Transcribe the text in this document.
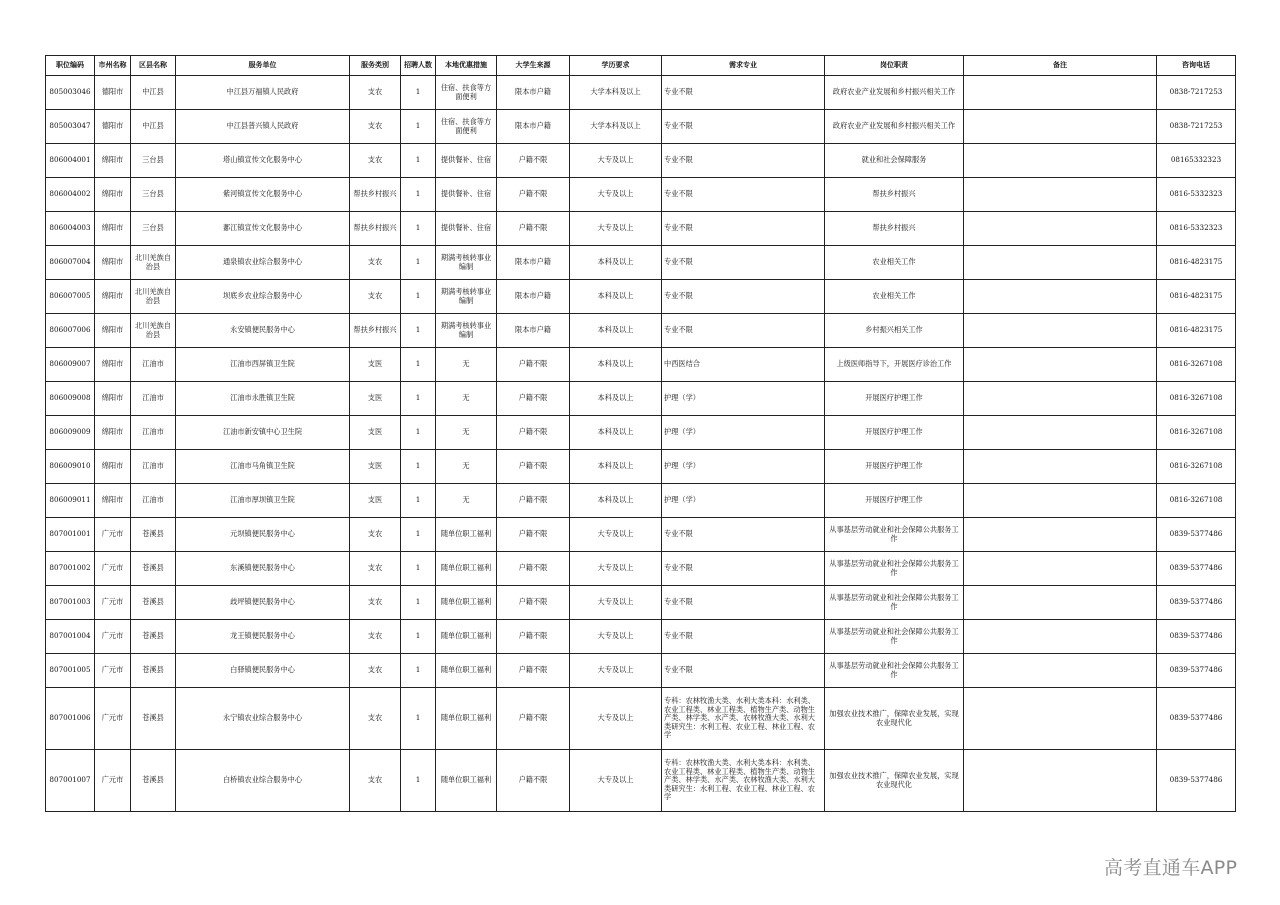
职位编码	市州名称	区县名称	服务单位	服务类别	招聘人数	本地优惠措施	大学生来源	学历要求	需求专业	岗位职责	备注	咨询电话
805003046	德阳市	中江县	中江县万福镇人民政府	支农	1	住宿、扶食等方面便利	限本市户籍	大学本科及以上	专业不限	政府农业产业发展和乡村振兴相关工作		0838-7217253
805003047	德阳市	中江县	中江县普兴镇人民政府	支农	1	住宿、扶食等方面便利	限本市户籍	大学本科及以上	专业不限	政府农业产业发展和乡村振兴相关工作		0838-7217253
806004001	绵阳市	三台县	塔山镇宣传文化服务中心	支农	1	提供餐补、住宿	户籍不限	大专及以上	专业不限	就业和社会保障服务		08165332323
806004002	绵阳市	三台县	紫河镇宣传文化服务中心	帮扶乡村振兴	1	提供餐补、住宿	户籍不限	大专及以上	专业不限	帮扶乡村振兴		0816-5332323
806004003	绵阳市	三台县	郪江镇宣传文化服务中心	帮扶乡村振兴	1	提供餐补、住宿	户籍不限	大专及以上	专业不限	帮扶乡村振兴		0816-5332323
806007004	绵阳市	北川羌族自治县	通泉镇农业综合服务中心	支农	1	期满考核转事业编制	限本市户籍	本科及以上	专业不限	农业相关工作		0816-4823175
806007005	绵阳市	北川羌族自治县	坝底乡农业综合服务中心	支农	1	期满考核转事业编制	限本市户籍	本科及以上	专业不限	农业相关工作		0816-4823175
806007006	绵阳市	北川羌族自治县	永安镇便民服务中心	帮扶乡村振兴	1	期满考核转事业编制	限本市户籍	本科及以上	专业不限	乡村振兴相关工作		0816-4823175
806009007	绵阳市	江油市	江油市西屏镇卫生院	支医	1	无	户籍不限	本科及以上	中西医结合	上级医师指导下，开展医疗诊治工作		0816-3267108
806009008	绵阳市	江油市	江油市永胜镇卫生院	支医	1	无	户籍不限	本科及以上	护理（学）	开展医疗护理工作		0816-3267108
806009009	绵阳市	江油市	江油市新安镇中心卫生院	支医	1	无	户籍不限	本科及以上	护理（学）	开展医疗护理工作		0816-3267108
806009010	绵阳市	江油市	江油市马角镇卫生院	支医	1	无	户籍不限	本科及以上	护理（学）	开展医疗护理工作		0816-3267108
806009011	绵阳市	江油市	江油市厚坝镇卫生院	支医	1	无	户籍不限	本科及以上	护理（学）	开展医疗护理工作		0816-3267108
807001001	广元市	苍溪县	元坝镇便民服务中心	支农	1	随单位职工福利	户籍不限	大专及以上	专业不限	从事基层劳动就业和社会保障公共服务工作		0839-5377486
807001002	广元市	苍溪县	东溪镇便民服务中心	支农	1	随单位职工福利	户籍不限	大专及以上	专业不限	从事基层劳动就业和社会保障公共服务工作		0839-5377486
807001003	广元市	苍溪县	歧坪镇便民服务中心	支农	1	随单位职工福利	户籍不限	大专及以上	专业不限	从事基层劳动就业和社会保障公共服务工作		0839-5377486
807001004	广元市	苍溪县	龙王镇便民服务中心	支农	1	随单位职工福利	户籍不限	大专及以上	专业不限	从事基层劳动就业和社会保障公共服务工作		0839-5377486
807001005	广元市	苍溪县	白驿镇便民服务中心	支农	1	随单位职工福利	户籍不限	大专及以上	专业不限	从事基层劳动就业和社会保障公共服务工作		0839-5377486
807001006	广元市	苍溪县	永宁镇农业综合服务中心	支农	1	随单位职工福利	户籍不限	大专及以上	专科：农林牧渔大类、水利大类本科：水利类、农业工程类、林业工程类、植物生产类、动物生产类、林学类、水产类、农林牧渔大类、水利大类研究生：水利工程、农业工程、林业工程、农学	加强农业技术推广，保障农业发展，实现农业现代化		0839-5377486
807001007	广元市	苍溪县	白桥镇农业综合服务中心	支农	1	随单位职工福利	户籍不限	大专及以上	专科：农林牧渔大类、水利大类本科：水利类、农业工程类、林业工程类、植物生产类、动物生产类、林学类、水产类、农林牧渔大类、水利大类研究生：水利工程、农业工程、林业工程、农学	加强农业技术推广，保障农业发展，实现农业现代化		0839-5377486
高考直通车APP
